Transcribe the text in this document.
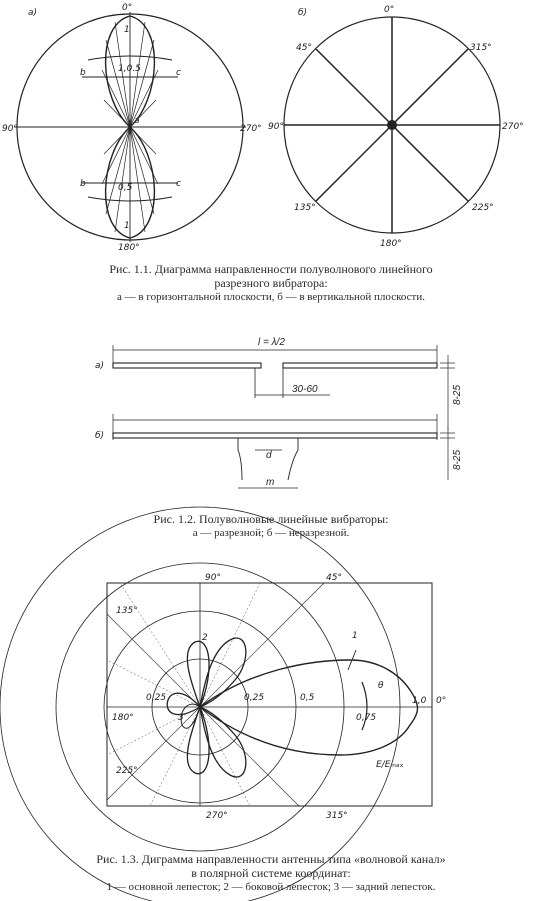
а)	0°
180°
90°	270°
a
b	c
b	c
1
1
1,0.5
0,5
б)	0°
180°
90°	270°
45°	315°
135°	225°
а)
б)
l = λ/2
30-60	8-25
8-25
d
m
90°	45°
135°
180°
225°
270°	315°
0°
0,25	0,25	0,5
0,75
1,0
1
2
3
θ
E/Eₘₐₓ
Рис. 1.1. Диаграмма направленности полуволнового линейного
разрезного вибратора:

а — в горизонтальной плоскости, б — в вертикальной плоскости.
Рис. 1.2. Полуволновые линейные вибраторы:

а — разрезной; б — неразрезной.
Рис. 1.3. Диграмма направленности антенны типа «волновой канал»
в полярной системе координат:

1 — основной лепесток; 2 — боковой лепесток; 3 — задний лепесток.
